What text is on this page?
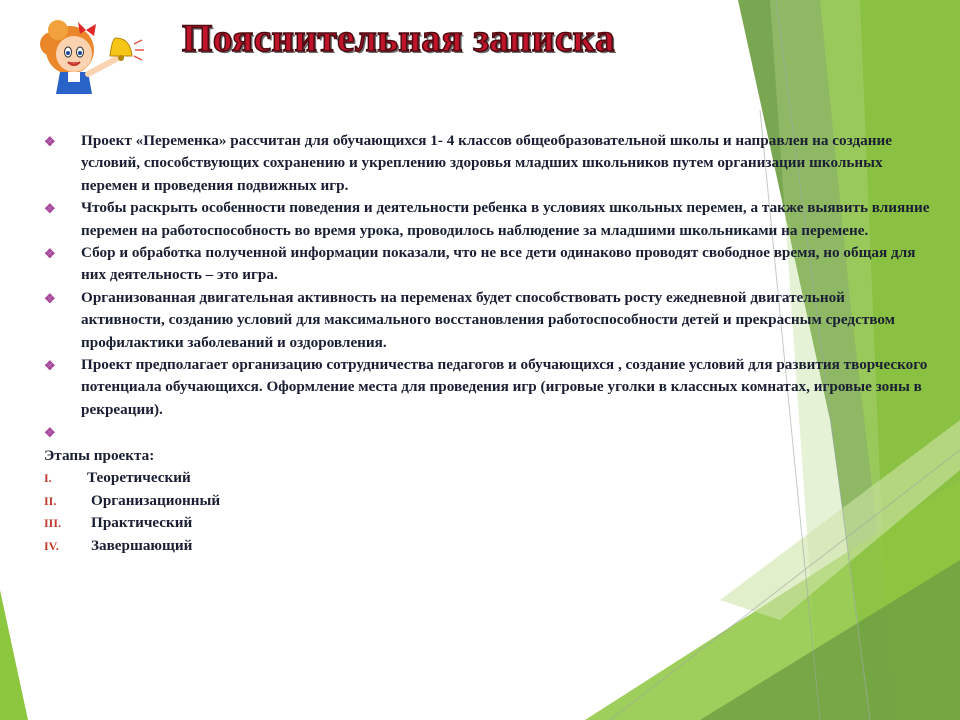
Пояснительная записка
❖ Проект «Переменка» рассчитан для обучающихся 1- 4 классов общеобразовательной школы и направлен на создание условий, способствующих сохранению и укреплению здоровья младших школьников путем организации школьных перемен и проведения подвижных игр.
❖ Чтобы раскрыть особенности поведения и деятельности ребенка в условиях школьных перемен, а также выявить влияние перемен на работоспособность во время урока, проводилось наблюдение за младшими школьниками на перемене.
❖ Сбор и обработка полученной информации показали, что не все дети одинаково проводят свободное время, но общая для них деятельность – это игра.
❖ Организованная двигательная активность на переменах будет способствовать росту ежедневной двигательной активности, созданию условий для максимального восстановления работоспособности детей и прекрасным средством профилактики заболеваний и оздоровления.
❖ Проект предполагает организацию сотрудничества педагогов и обучающихся , создание условий для развития творческого потенциала обучающихся. Оформление места для проведения игр (игровые уголки в классных комнатах, игровые зоны в рекреации).
❖

Этапы проекта:
I. Теоретический
II. Организационный
III. Практический
IV. Завершающий
